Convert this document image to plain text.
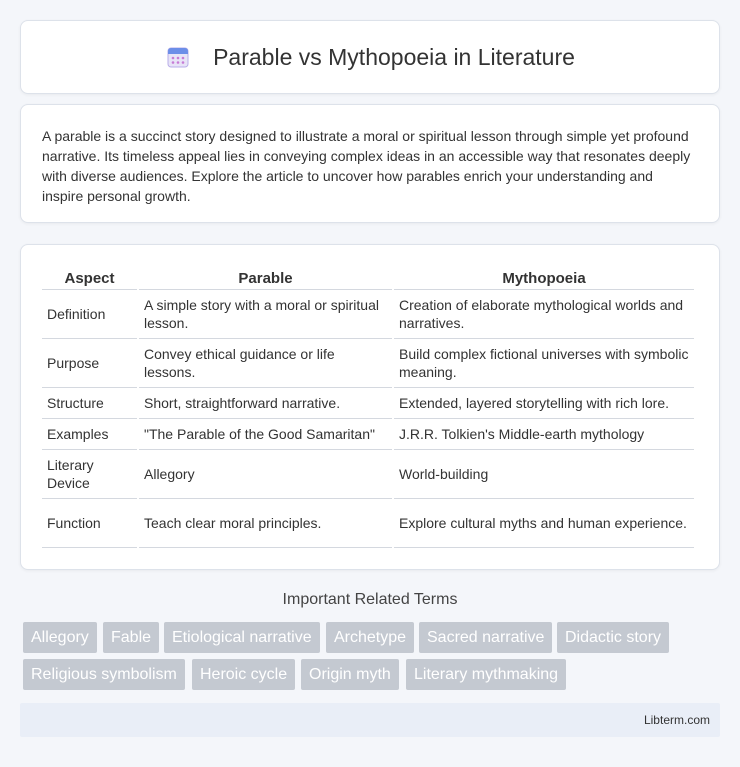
Parable vs Mythopoeia in Literature

A parable is a succinct story designed to illustrate a moral or spiritual lesson through simple yet profound narrative. Its timeless appeal lies in conveying complex ideas in an accessible way that resonates deeply with diverse audiences. Explore the article to uncover how parables enrich your understanding and inspire personal growth.

Aspect	Parable	Mythopoeia
Definition	A simple story with a moral or spiritual lesson.	Creation of elaborate mythological worlds and narratives.
Purpose	Convey ethical guidance or life lessons.	Build complex fictional universes with symbolic meaning.
Structure	Short, straightforward narrative.	Extended, layered storytelling with rich lore.
Examples	"The Parable of the Good Samaritan"	J.R.R. Tolkien's Middle-earth mythology
Literary Device	Allegory	World-building
Function	Teach clear moral principles.	Explore cultural myths and human experience.
Important Related Terms
Allegory	Fable	Etiological narrative	Archetype	Sacred narrative	Didactic story
Religious symbolism	Heroic cycle	Origin myth	Literary mythmaking
Libterm.com
